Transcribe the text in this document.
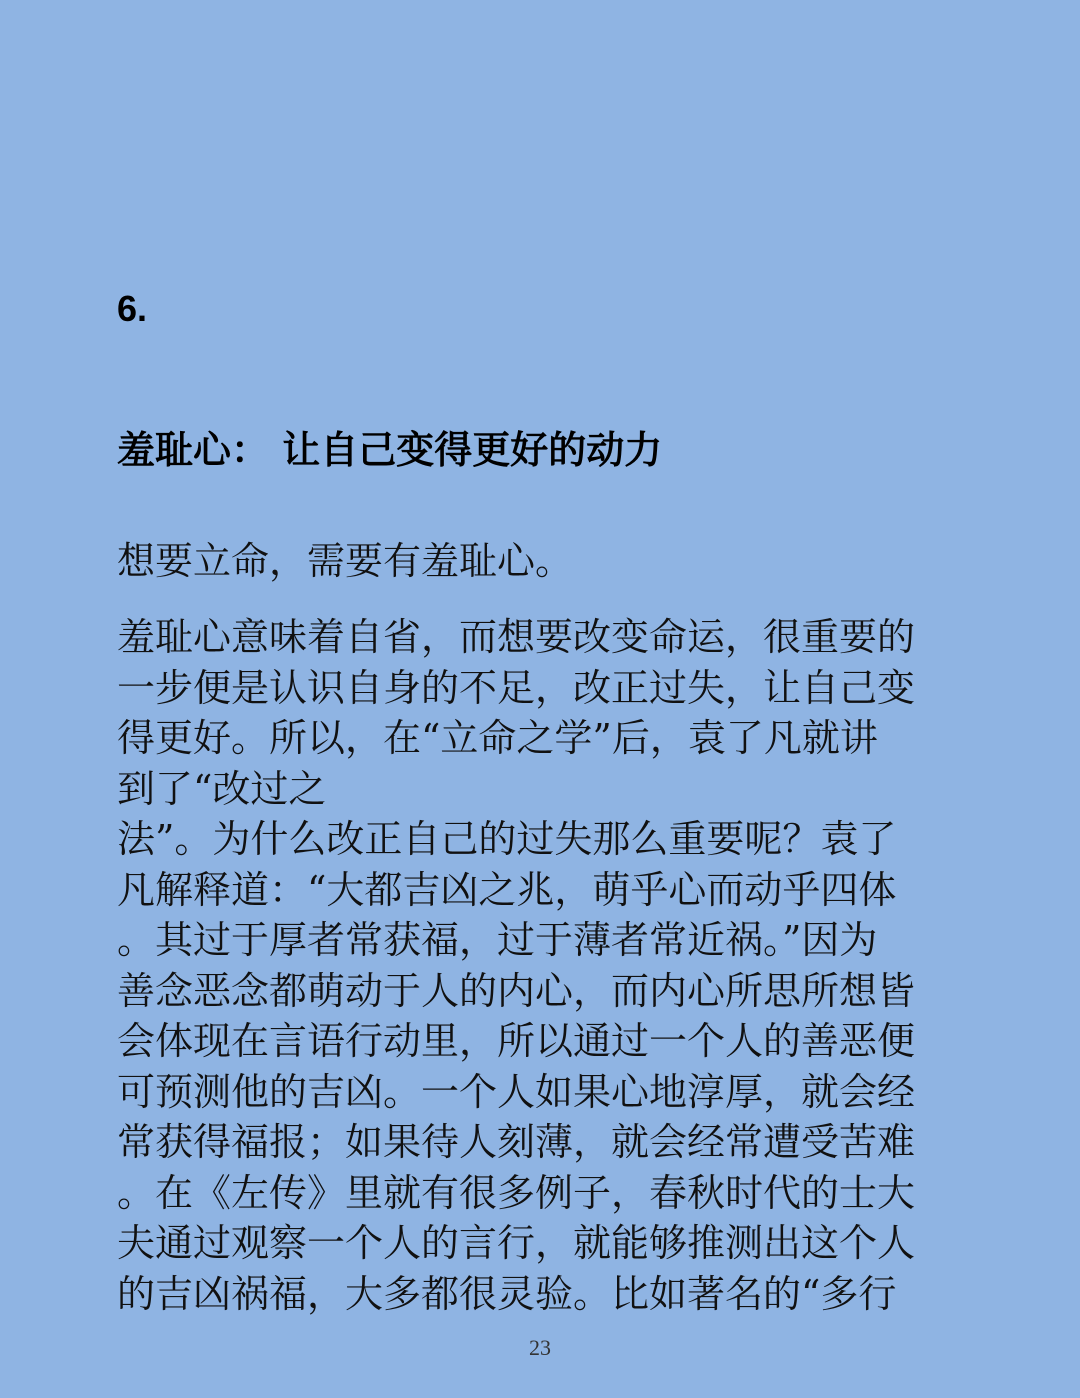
6.
羞耻心： 让自己变得更好的动力
想要立命，需要有羞耻心。
羞耻心意味着自省，而想要改变命运，很重要的
一步便是认识自身的不足，改正过失，让自己变
得更好。所以，在“立命之学”后，袁了凡就讲
到了“改过之
法”。为什么改正自己的过失那么重要呢？袁了
凡解释道：“大都吉凶之兆，萌乎心而动乎四体
。其过于厚者常获福，过于薄者常近祸。”因为
善念恶念都萌动于人的内心，而内心所思所想皆
会体现在言语行动里，所以通过一个人的善恶便
可预测他的吉凶。一个人如果心地淳厚，就会经
常获得福报；如果待人刻薄，就会经常遭受苦难
。在《左传》里就有很多例子，春秋时代的士大
夫通过观察一个人的言行，就能够推测出这个人
的吉凶祸福，大多都很灵验。比如著名的“多行
23
